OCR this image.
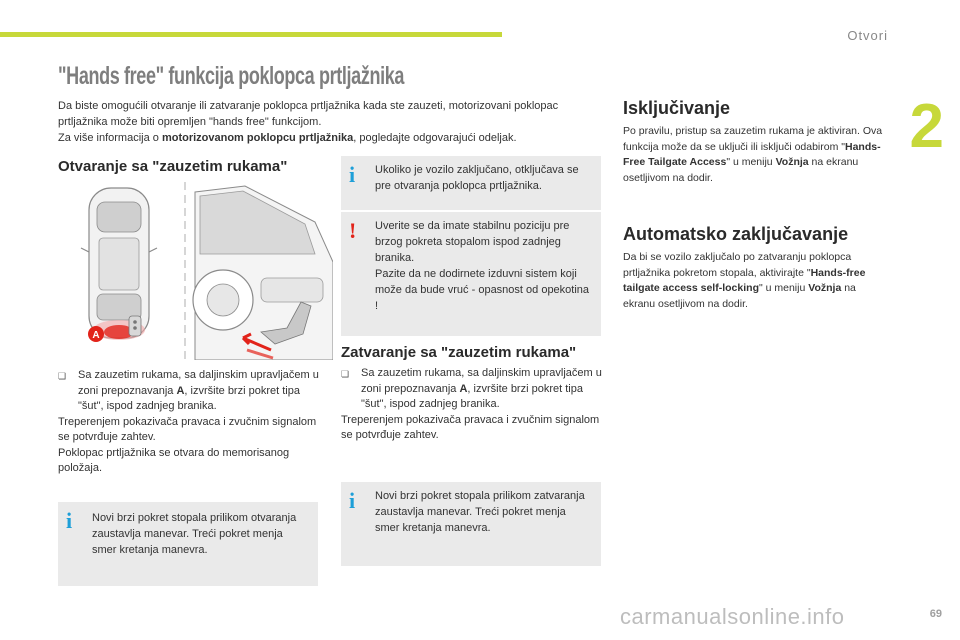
Otvori
2
"Hands free" funkcija poklopca prtljažnika
Da biste omogućili otvaranje ili zatvaranje poklopca prtljažnika kada ste zauzeti, motorizovani poklopac prtljažnika može biti opremljen "hands free" funkcijom.
Za više informacija o motorizovanom poklopcu prtljažnika, pogledajte odgovarajući odeljak.
Otvaranje sa "zauzetim rukama"
A
❏	Sa zauzetim rukama, sa daljinskim upravljačem u zoni prepoznavanja A, izvršite brzi pokret tipa "šut", ispod zadnjeg branika.
Treperenjem pokazivača pravaca i zvučnim signalom se potvrđuje zahtev.
Poklopac prtljažnika se otvara do memorisanog položaja.
i	Novi brzi pokret stopala prilikom otvaranja zaustavlja manevar. Treći pokret menja smer kretanja manevra.
i	Ukoliko je vozilo zaključano, otključava se pre otvaranja poklopca prtljažnika.
!	Uverite se da imate stabilnu poziciju pre brzog pokreta stopalom ispod zadnjeg branika.
Pazite da ne dodirnete izduvni sistem koji može da bude vruć - opasnost od opekotina !
Zatvaranje sa "zauzetim rukama"
❏	Sa zauzetim rukama, sa daljinskim upravljačem u zoni prepoznavanja A, izvršite brzi pokret tipa "šut", ispod zadnjeg branika.
Treperenjem pokazivača pravaca i zvučnim signalom se potvrđuje zahtev.
i	Novi brzi pokret stopala prilikom zatvaranja zaustavlja manevar. Treći pokret menja smer kretanja manevra.
Isključivanje
Po pravilu, pristup sa zauzetim rukama je aktiviran. Ova funkcija može da se uključi ili isključi odabirom "Hands-Free Tailgate Access" u meniju Vožnja na ekranu osetljivom na dodir.
Automatsko zaključavanje
Da bi se vozilo zaključalo po zatvaranju poklopca prtljažnika pokretom stopala, aktivirajte "Hands-free tailgate access self-locking" u meniju Vožnja na ekranu osetljivom na dodir.
carmanualsonline.info	69
